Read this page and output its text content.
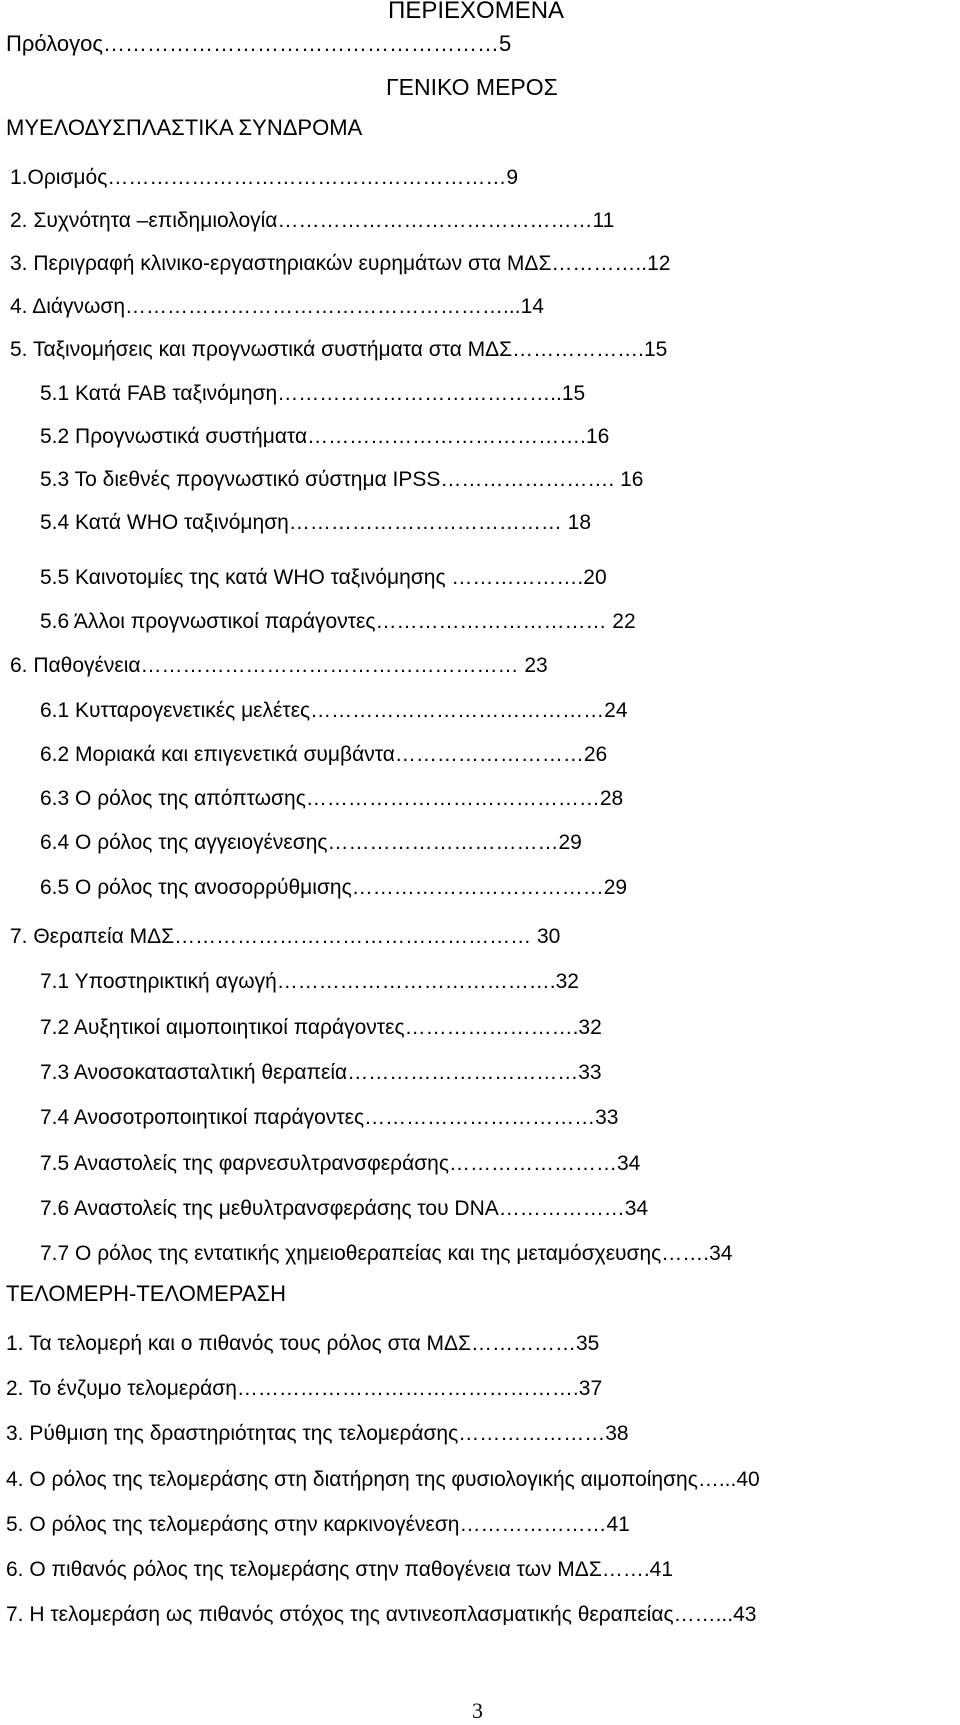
ΠΕΡΙΕΧΟΜΕΝΑ
Πρόλογος………………………………………………5
ΓΕΝΙΚΟ ΜΕΡΟΣ
ΜΥΕΛΟΔΥΣΠΛΑΣΤΙΚΑ ΣΥΝΔΡΟΜΑ
1.Ορισμός…………………………………………………9
2. Συχνότητα –επιδημιολογία………………………………………11
3. Περιγραφή κλινικο-εργαστηριακών ευρημάτων στα ΜΔΣ…………..12
4. Διάγνωση………………………………………………...14
5. Ταξινομήσεις και προγνωστικά συστήματα στα ΜΔΣ……………….15
5.1 Κατά FAB ταξινόμηση…………………………………..15
5.2 Προγνωστικά συστήματα………………………………….16
5.3 Το διεθνές προγνωστικό σύστημα IPSS……………………. 16
5.4 Κατά WHO ταξινόμηση………………………………… 18
5.5 Καινοτομίες της κατά WHO ταξινόμησης ……………….20
5.6 Άλλοι προγνωστικοί παράγοντες…………………………… 22
6. Παθογένεια……………………………………………… 23
6.1 Κυτταρογενετικές μελέτες……………………………………24
6.2 Μοριακά και επιγενετικά συμβάντα………………………26
6.3 Ο ρόλος της απόπτωσης……………………………………28
6.4 Ο ρόλος της αγγειογένεσης……………………………29
6.5 Ο ρόλος της ανοσορρύθμισης………………………………29
7. Θεραπεία ΜΔΣ…………………………………………… 30
7.1 Υποστηρικτική αγωγή………………………………….32
7.2 Αυξητικοί αιμοποιητικοί παράγοντες…………………….32
7.3 Ανοσοκατασταλτική θεραπεία……………………………33
7.4 Ανοσοτροποιητικοί παράγοντες……………………………33
7.5 Αναστολείς της φαρνεσυλτρανσφεράσης……………………34
7.6 Αναστολείς της μεθυλτρανσφεράσης του DNA………………34
7.7 Ο ρόλος της εντατικής χημειοθεραπείας και της μεταμόσχευσης…….34
ΤΕΛΟΜΕΡΗ-ΤΕΛΟΜΕΡΑΣΗ
1. Τα τελομερή και ο πιθανός τους ρόλος στα ΜΔΣ……………35
2. Το ένζυμο τελομεράση………………………………………….37
3. Ρύθμιση της δραστηριότητας της τελομεράσης…………………38
4. Ο ρόλος της τελομεράσης στη διατήρηση της φυσιολογικής αιμοποίησης…...40
5. Ο ρόλος της τελομεράσης στην καρκινογένεση…………………41
6. Ο πιθανός ρόλος της τελομεράσης στην παθογένεια των ΜΔΣ…….41
7. Η τελομεράση ως πιθανός στόχος της αντινεοπλασματικής θεραπείας……...43
3
